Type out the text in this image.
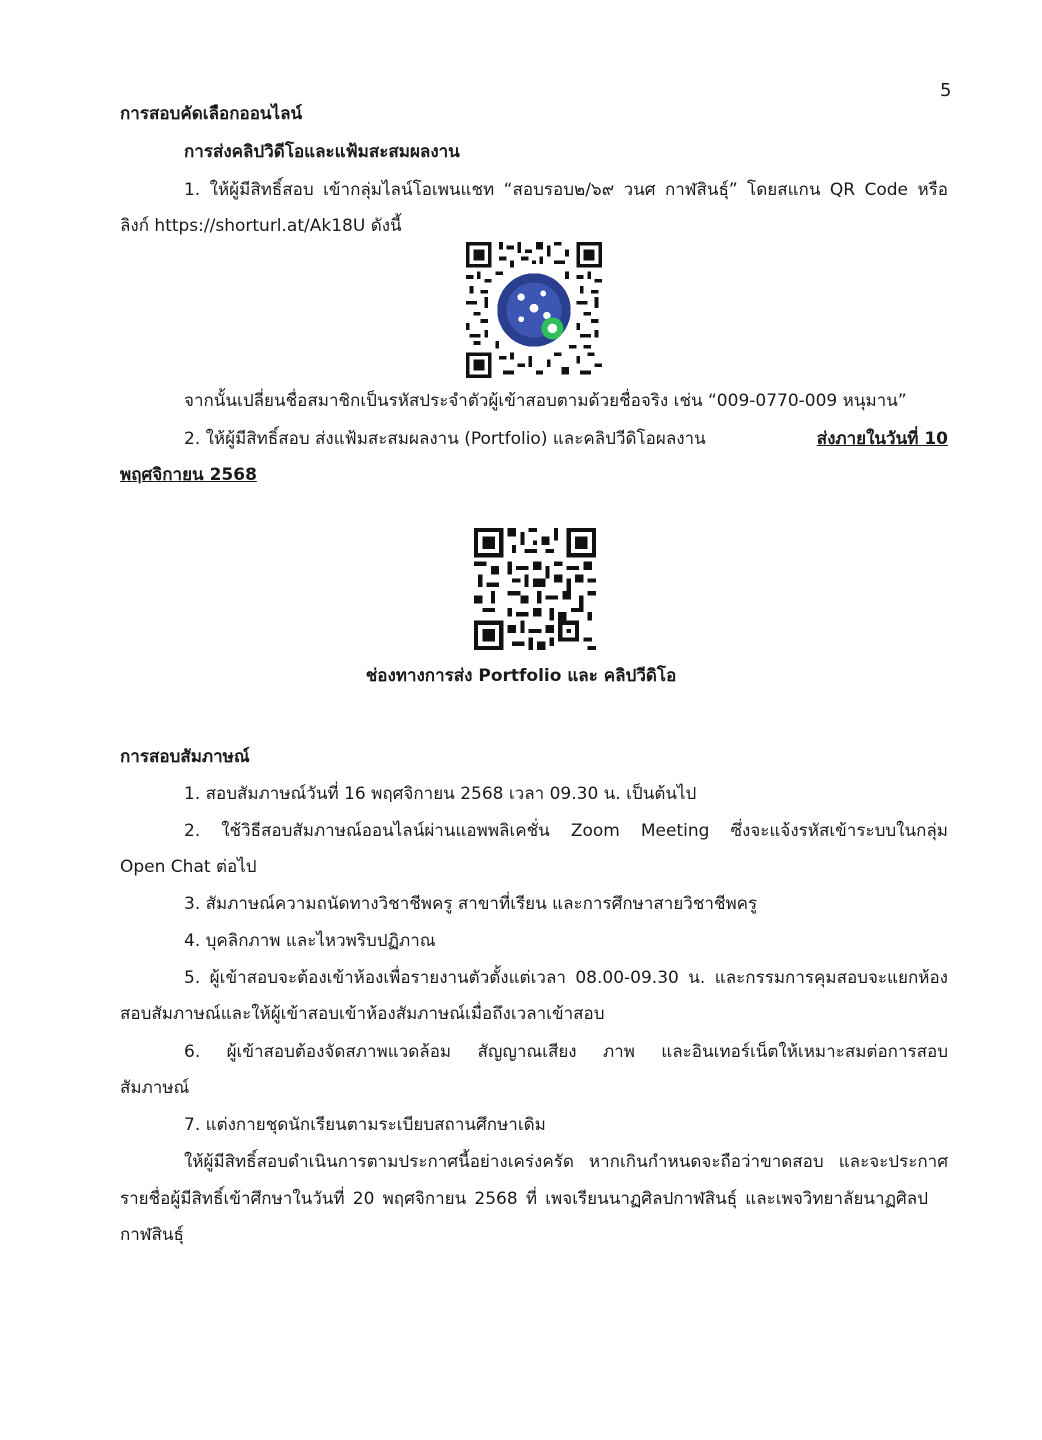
5
การสอบคัดเลือกออนไลน์
การส่งคลิปวิดีโอและแฟ้มสะสมผลงาน
1. ให้ผู้มีสิทธิ์สอบ เข้ากลุ่มไลน์โอเพนแชท “สอบรอบ๒/๖๙ วนศ กาฬสินธุ์” โดยสแกน QR Code หรือ
ลิงก์ https://shorturl.at/Ak18U ดังนี้
จากนั้นเปลี่ยนชื่อสมาชิกเป็นรหัสประจำตัวผู้เข้าสอบตามด้วยชื่อจริง เช่น “009-0770-009 หนุมาน”
2. ให้ผู้มีสิทธิ์สอบ ส่งแฟ้มสะสมผลงาน (Portfolio) และคลิปวีดิโอผลงาน	ส่งภายในวันที่ 10
พฤศจิกายน 2568
ช่องทางการส่ง Portfolio และ คลิปวีดิโอ
การสอบสัมภาษณ์
1. สอบสัมภาษณ์วันที่ 16 พฤศจิกายน 2568 เวลา 09.30 น. เป็นต้นไป
2. ใช้วิธีสอบสัมภาษณ์ออนไลน์ผ่านแอพพลิเคชั่น Zoom Meeting ซึ่งจะแจ้งรหัสเข้าระบบในกลุ่ม
Open Chat ต่อไป
3. สัมภาษณ์ความถนัดทางวิชาชีพครู สาขาที่เรียน และการศึกษาสายวิชาชีพครู
4. บุคลิกภาพ และไหวพริบปฏิภาณ
5. ผู้เข้าสอบจะต้องเข้าห้องเพื่อรายงานตัวตั้งแต่เวลา 08.00-09.30 น. และกรรมการคุมสอบจะแยกห้อง
สอบสัมภาษณ์และให้ผู้เข้าสอบเข้าห้องสัมภาษณ์เมื่อถึงเวลาเข้าสอบ
6. ผู้เข้าสอบต้องจัดสภาพแวดล้อม สัญญาณเสียง ภาพ และอินเทอร์เน็ตให้เหมาะสมต่อการสอบ
สัมภาษณ์
7. แต่งกายชุดนักเรียนตามระเบียบสถานศึกษาเดิม
ให้ผู้มีสิทธิ์สอบดำเนินการตามประกาศนี้อย่างเคร่งครัด หากเกินกำหนดจะถือว่าขาดสอบ และจะประกาศ
รายชื่อผู้มีสิทธิ์เข้าศึกษาในวันที่ 20 พฤศจิกายน 2568 ที่ เพจเรียนนาฏศิลปกาฬสินธุ์ และเพจวิทยาลัยนาฏศิลป
กาฬสินธุ์
